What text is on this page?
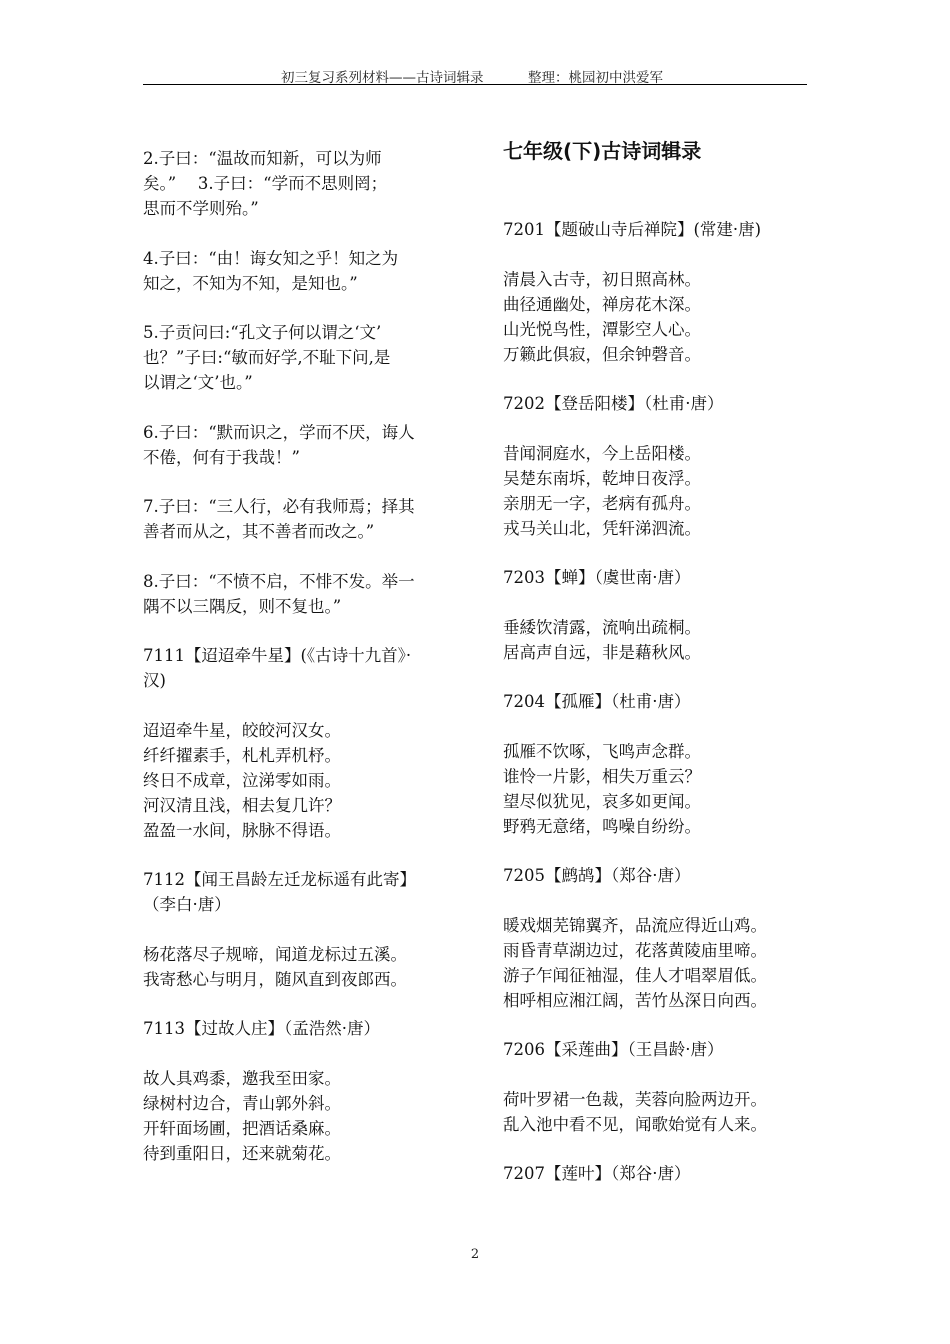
初三复习系列材料——古诗词辑录	整理：桃园初中洪爱军
2.子曰：“温故而知新，可以为师
矣。”　 3.子曰：“学而不思则罔；
思而不学则殆。”
4.子曰：“由！诲女知之乎！知之为
知之，不知为不知，是知也。”
5.子贡问曰:“孔文子何以谓之‘文’
也？”子曰:“敏而好学,不耻下问,是
以谓之‘文’也。”
6.子曰：“默而识之，学而不厌，诲人
不倦，何有于我哉！”
7.子曰：“三人行，必有我师焉；择其
善者而从之，其不善者而改之。”
8.子曰：“不愤不启，不悱不发。举一
隅不以三隅反，则不复也。”
7111【迢迢牵牛星】(《古诗十九首》·
汉)
迢迢牵牛星，皎皎河汉女。
纤纤擢素手，札札弄机杼。
终日不成章，泣涕零如雨。
河汉清且浅，相去复几许？
盈盈一水间，脉脉不得语。
7112【闻王昌龄左迁龙标遥有此寄】
（李白·唐）
杨花落尽子规啼，闻道龙标过五溪。
我寄愁心与明月，随风直到夜郎西。
7113【过故人庄】（孟浩然·唐）
故人具鸡黍，邀我至田家。
绿树村边合，青山郭外斜。
开轩面场圃，把酒话桑麻。
待到重阳日，还来就菊花。
七年级(下)古诗词辑录
7201【题破山寺后禅院】(常建·唐)
清晨入古寺，初日照高林。
曲径通幽处，禅房花木深。
山光悦鸟性，潭影空人心。
万籁此俱寂，但余钟磬音。
7202【登岳阳楼】（杜甫·唐）
昔闻洞庭水，今上岳阳楼。
吴楚东南坼，乾坤日夜浮。
亲朋无一字，老病有孤舟。
戎马关山北，凭轩涕泗流。
7203【蝉】（虞世南·唐）
垂緌饮清露，流响出疏桐。
居高声自远，非是藉秋风。
7204【孤雁】（杜甫·唐）
孤雁不饮啄，飞鸣声念群。
谁怜一片影，相失万重云？
望尽似犹见，哀多如更闻。
野鸦无意绪，鸣噪自纷纷。
7205【鹧鸪】（郑谷·唐）
暖戏烟芜锦翼齐，品流应得近山鸡。
雨昏青草湖边过，花落黄陵庙里啼。
游子乍闻征袖湿，佳人才唱翠眉低。
相呼相应湘江阔，苦竹丛深日向西。
7206【采莲曲】（王昌龄·唐）
荷叶罗裙一色裁，芙蓉向脸两边开。
乱入池中看不见，闻歌始觉有人来。
7207【莲叶】（郑谷·唐）
2
